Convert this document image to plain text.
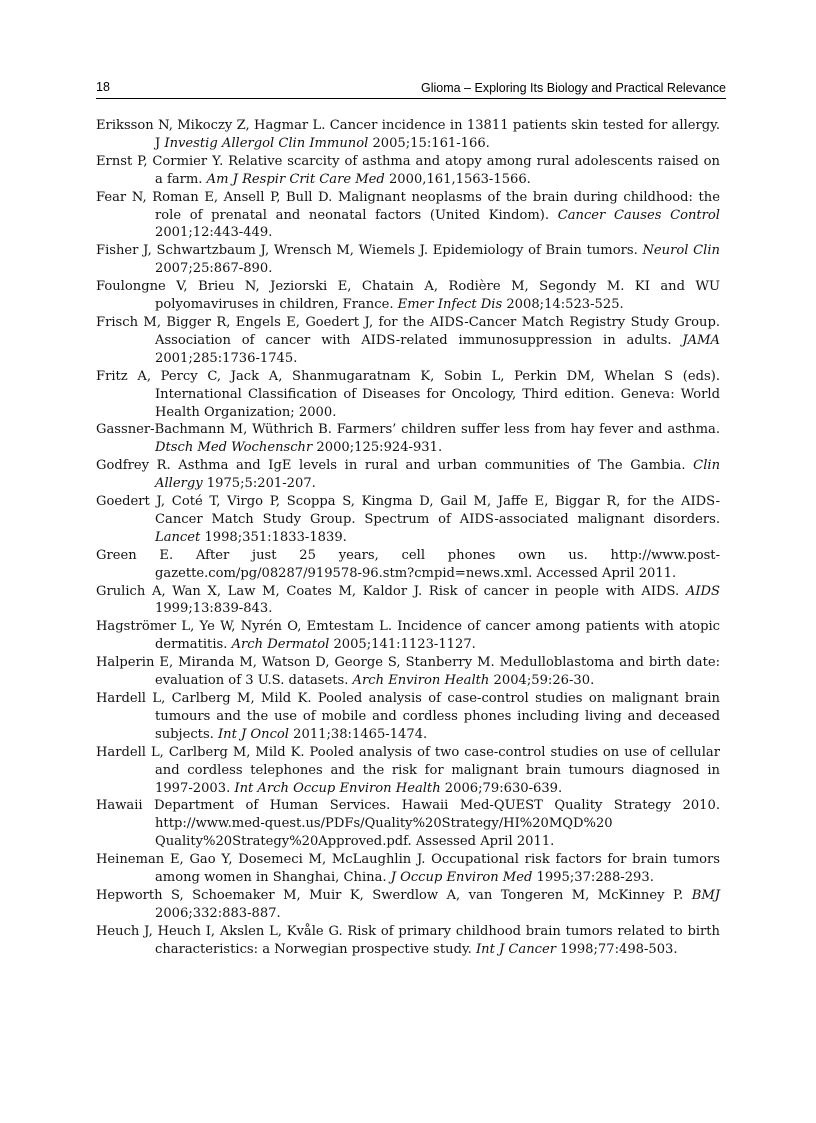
18	Glioma – Exploring Its Biology and Practical Relevance

Eriksson N, Mikoczy Z, Hagmar L. Cancer incidence in 13811 patients skin tested for allergy. J Investig Allergol Clin Immunol 2005;15:161-166.

Ernst P, Cormier Y. Relative scarcity of asthma and atopy among rural adolescents raised on a farm. Am J Respir Crit Care Med 2000,161,1563-1566.

Fear N, Roman E, Ansell P, Bull D. Malignant neoplasms of the brain during childhood: the role of prenatal and neonatal factors (United Kindom). Cancer Causes Control 2001;12:443-449.

Fisher J, Schwartzbaum J, Wrensch M, Wiemels J. Epidemiology of Brain tumors. Neurol Clin 2007;25:867-890.

Foulongne V, Brieu N, Jeziorski E, Chatain A, Rodière M, Segondy M. KI and WU polyomaviruses in children, France. Emer Infect Dis 2008;14:523-525.

Frisch M, Bigger R, Engels E, Goedert J, for the AIDS-Cancer Match Registry Study Group. Association of cancer with AIDS-related immunosuppression in adults. JAMA 2001;285:1736-1745.

Fritz A, Percy C, Jack A, Shanmugaratnam K, Sobin L, Perkin DM, Whelan S (eds). International Classification of Diseases for Oncology, Third edition. Geneva: World Health Organization; 2000.

Gassner-Bachmann M, Wüthrich B. Farmers’ children suffer less from hay fever and asthma. Dtsch Med Wochenschr 2000;125:924-931.

Godfrey R. Asthma and IgE levels in rural and urban communities of The Gambia. Clin Allergy 1975;5:201-207.

Goedert J, Coté T, Virgo P, Scoppa S, Kingma D, Gail M, Jaffe E, Biggar R, for the AIDS-Cancer Match Study Group. Spectrum of AIDS-associated malignant disorders. Lancet 1998;351:1833-1839.

Green E. After just 25 years, cell phones own us. http://www.post-gazette.com/pg/08287/919578-96.stm?cmpid=news.xml. Accessed April 2011.

Grulich A, Wan X, Law M, Coates M, Kaldor J. Risk of cancer in people with AIDS. AIDS 1999;13:839-843.

Hagströmer L, Ye W, Nyrén O, Emtestam L. Incidence of cancer among patients with atopic dermatitis. Arch Dermatol 2005;141:1123-1127.

Halperin E, Miranda M, Watson D, George S, Stanberry M. Medulloblastoma and birth date: evaluation of 3 U.S. datasets. Arch Environ Health 2004;59:26-30.

Hardell L, Carlberg M, Mild K. Pooled analysis of case-control studies on malignant brain tumours and the use of mobile and cordless phones including living and deceased subjects. Int J Oncol 2011;38:1465-1474.

Hardell L, Carlberg M, Mild K. Pooled analysis of two case-control studies on use of cellular and cordless telephones and the risk for malignant brain tumours diagnosed in 1997-2003. Int Arch Occup Environ Health 2006;79:630-639.

Hawaii Department of Human Services. Hawaii Med-QUEST Quality Strategy 2010. http://www.med-quest.us/PDFs/Quality%20Strategy/HI%20MQD%20 Quality%20Strategy%20Approved.pdf. Assessed April 2011.

Heineman E, Gao Y, Dosemeci M, McLaughlin J. Occupational risk factors for brain tumors among women in Shanghai, China. J Occup Environ Med 1995;37:288-293.

Hepworth S, Schoemaker M, Muir K, Swerdlow A, van Tongeren M, McKinney P. BMJ 2006;332:883-887.

Heuch J, Heuch I, Akslen L, Kvåle G. Risk of primary childhood brain tumors related to birth characteristics: a Norwegian prospective study. Int J Cancer 1998;77:498-503.
